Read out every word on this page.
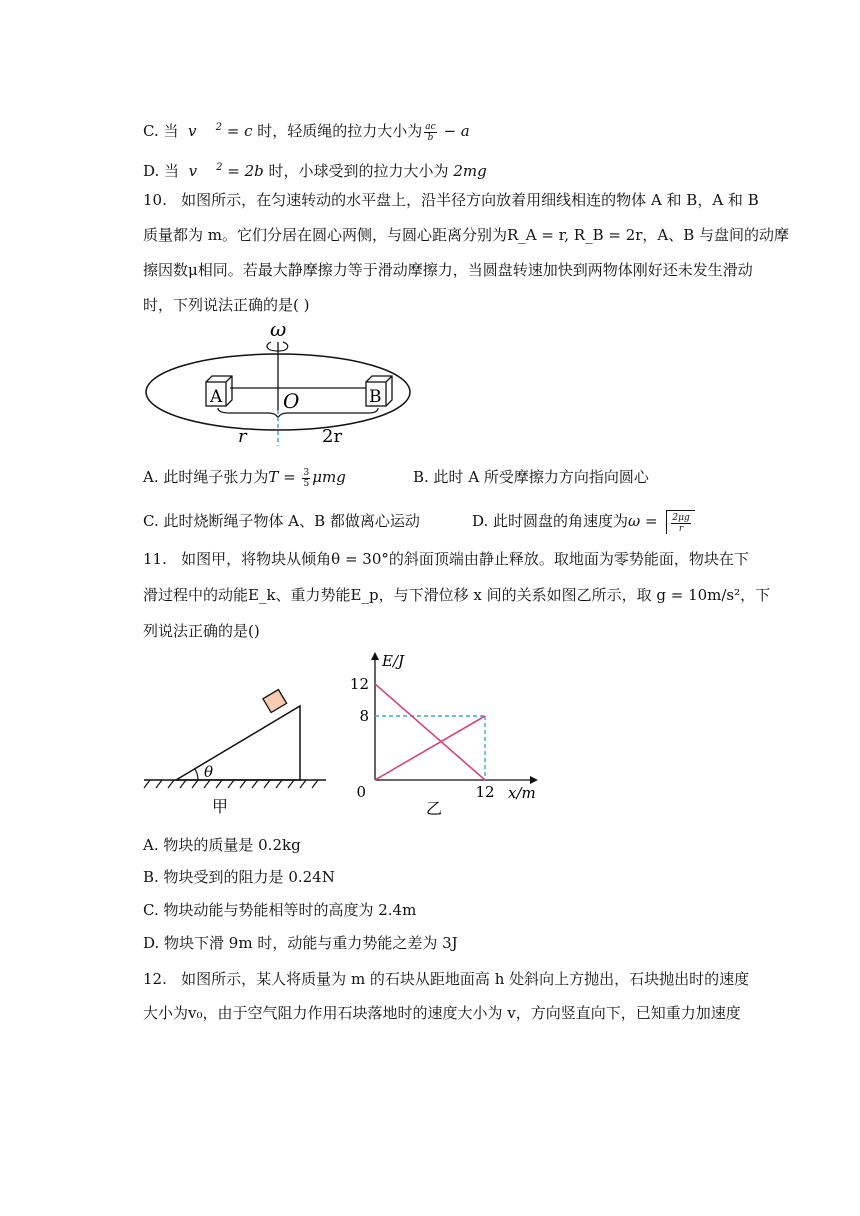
C. 当  v    $^2$ = c 时，轻质绳的拉力大小为 $\frac{ac}{b} - a$
D. 当  v    $^2$ = 2b 时，小球受到的拉力大小为 2mg
10. 如图所示，在匀速转动的水平盘上，沿半径方向放着用细线相连的物体 A 和 B，A 和 B
质量都为 m。它们分居在圆心两侧，与圆心距离分别为R_A = r, R_B = 2r，A、B 与盘间的动摩
擦因数μ相同。若最大静摩擦力等于滑动摩擦力，当圆盘转速加快到两物体刚好还未发生滑动
时，下列说法正确的是( )
ω
A	B
O
r	2r
A. 此时绳子张力为$T = \frac{3}{5}$ μmg	B. 此时 A 所受摩擦力方向指向圆心
C. 此时烧断绳子物体 A、B 都做离心运动	D. 此时圆盘的角速度为$\omega = \frac{2\mu g}{r}$
11. 如图甲，将物块从倾角θ = 30°的斜面顶端由静止释放。取地面为零势能面，物块在下
滑过程中的动能E_k、重力势能E_p，与下滑位移 x 间的关系如图乙所示，取 g = 10m/s²，下
列说法正确的是()
θ
甲
E/J
x/m
乙
12
8
0	12
A. 物块的质量是 0.2kg
B. 物块受到的阻力是 0.24N
C. 物块动能与势能相等时的高度为 2.4m
D. 物块下滑 9m 时，动能与重力势能之差为 3J
12. 如图所示，某人将质量为 m 的石块从距地面高 h 处斜向上方抛出，石块抛出时的速度
大小为v₀，由于空气阻力作用石块落地时的速度大小为 v，方向竖直向下，已知重力加速度
